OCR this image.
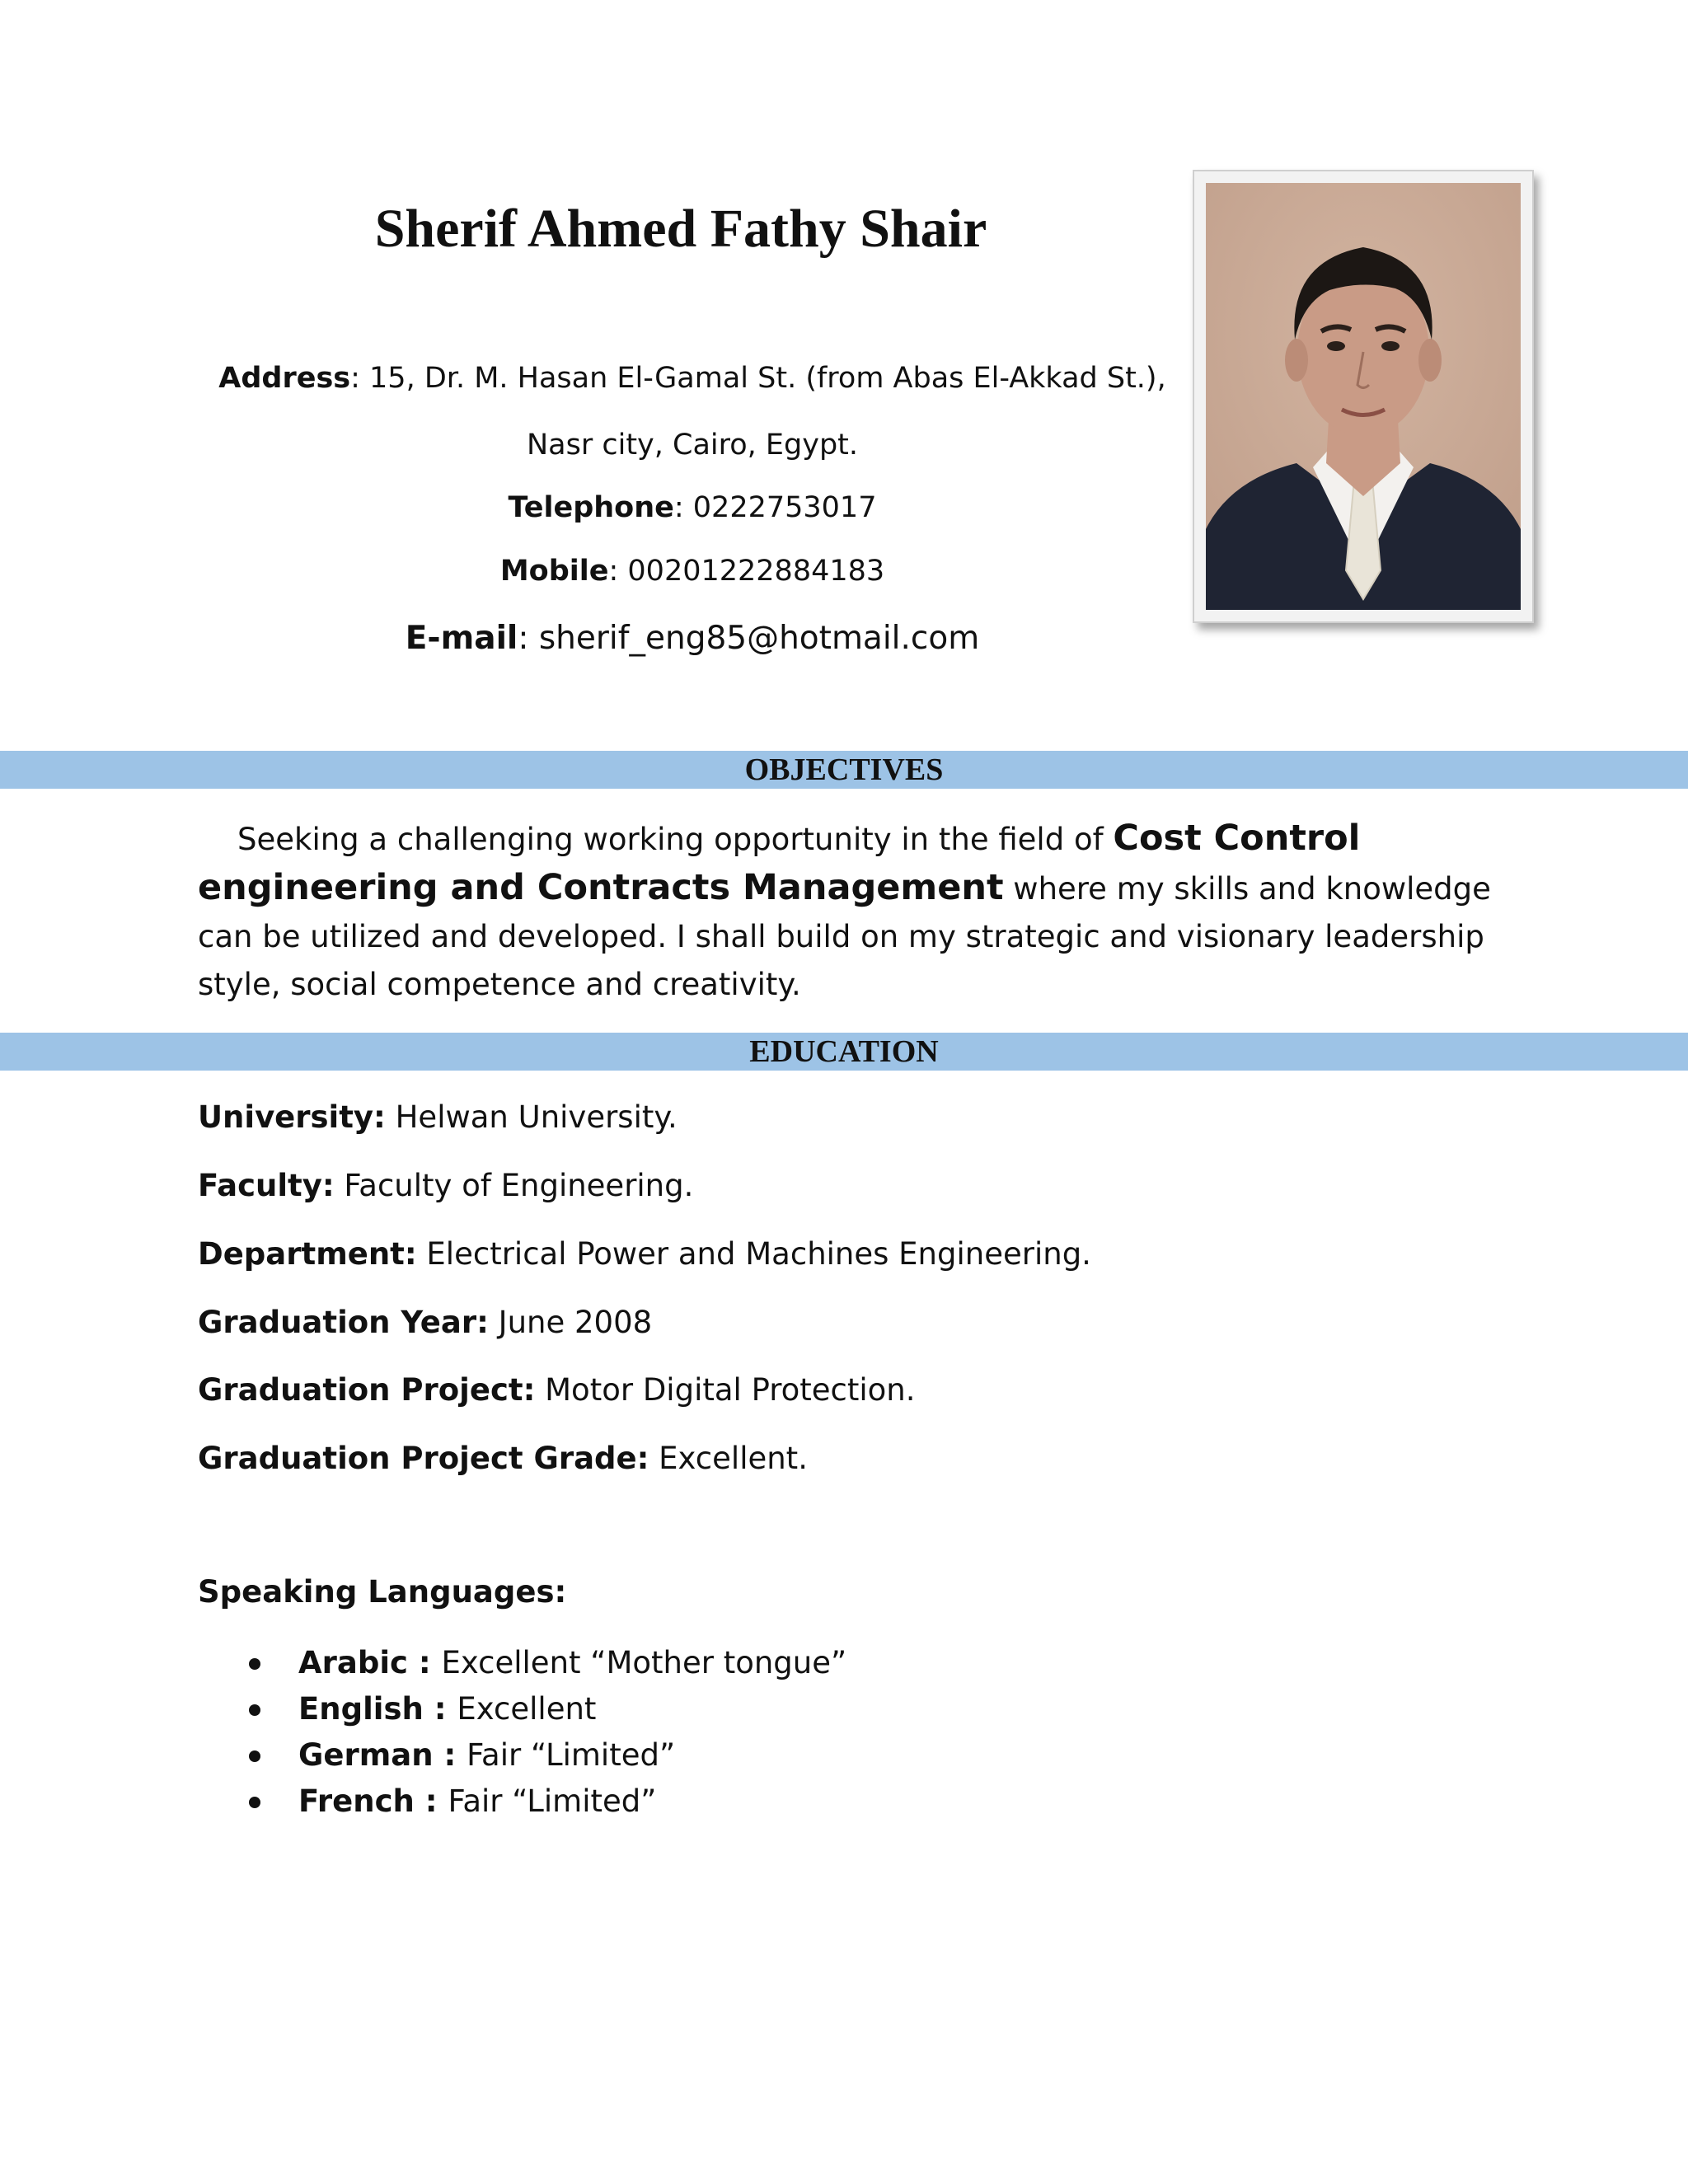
Sherif Ahmed Fathy Shair
Address: 15, Dr. M. Hasan El-Gamal St. (from Abas El-Akkad St.),
Nasr city, Cairo, Egypt.
Telephone: 0222753017
Mobile: 00201222884183
E-mail: sherif_eng85@hotmail.com
OBJECTIVES

Seeking a challenging working opportunity in the field of Cost Control engineering and Contracts Management where my skills and knowledge can be utilized and developed. I shall build on my strategic and visionary leadership style, social competence and creativity.

EDUCATION
University: Helwan University.
Faculty: Faculty of Engineering.
Department: Electrical Power and Machines Engineering.
Graduation Year: June 2008
Graduation Project: Motor Digital Protection.
Graduation Project Grade: Excellent.
Speaking Languages:
Arabic : Excellent “Mother tongue”
English : Excellent
German : Fair “Limited”
French : Fair “Limited”
